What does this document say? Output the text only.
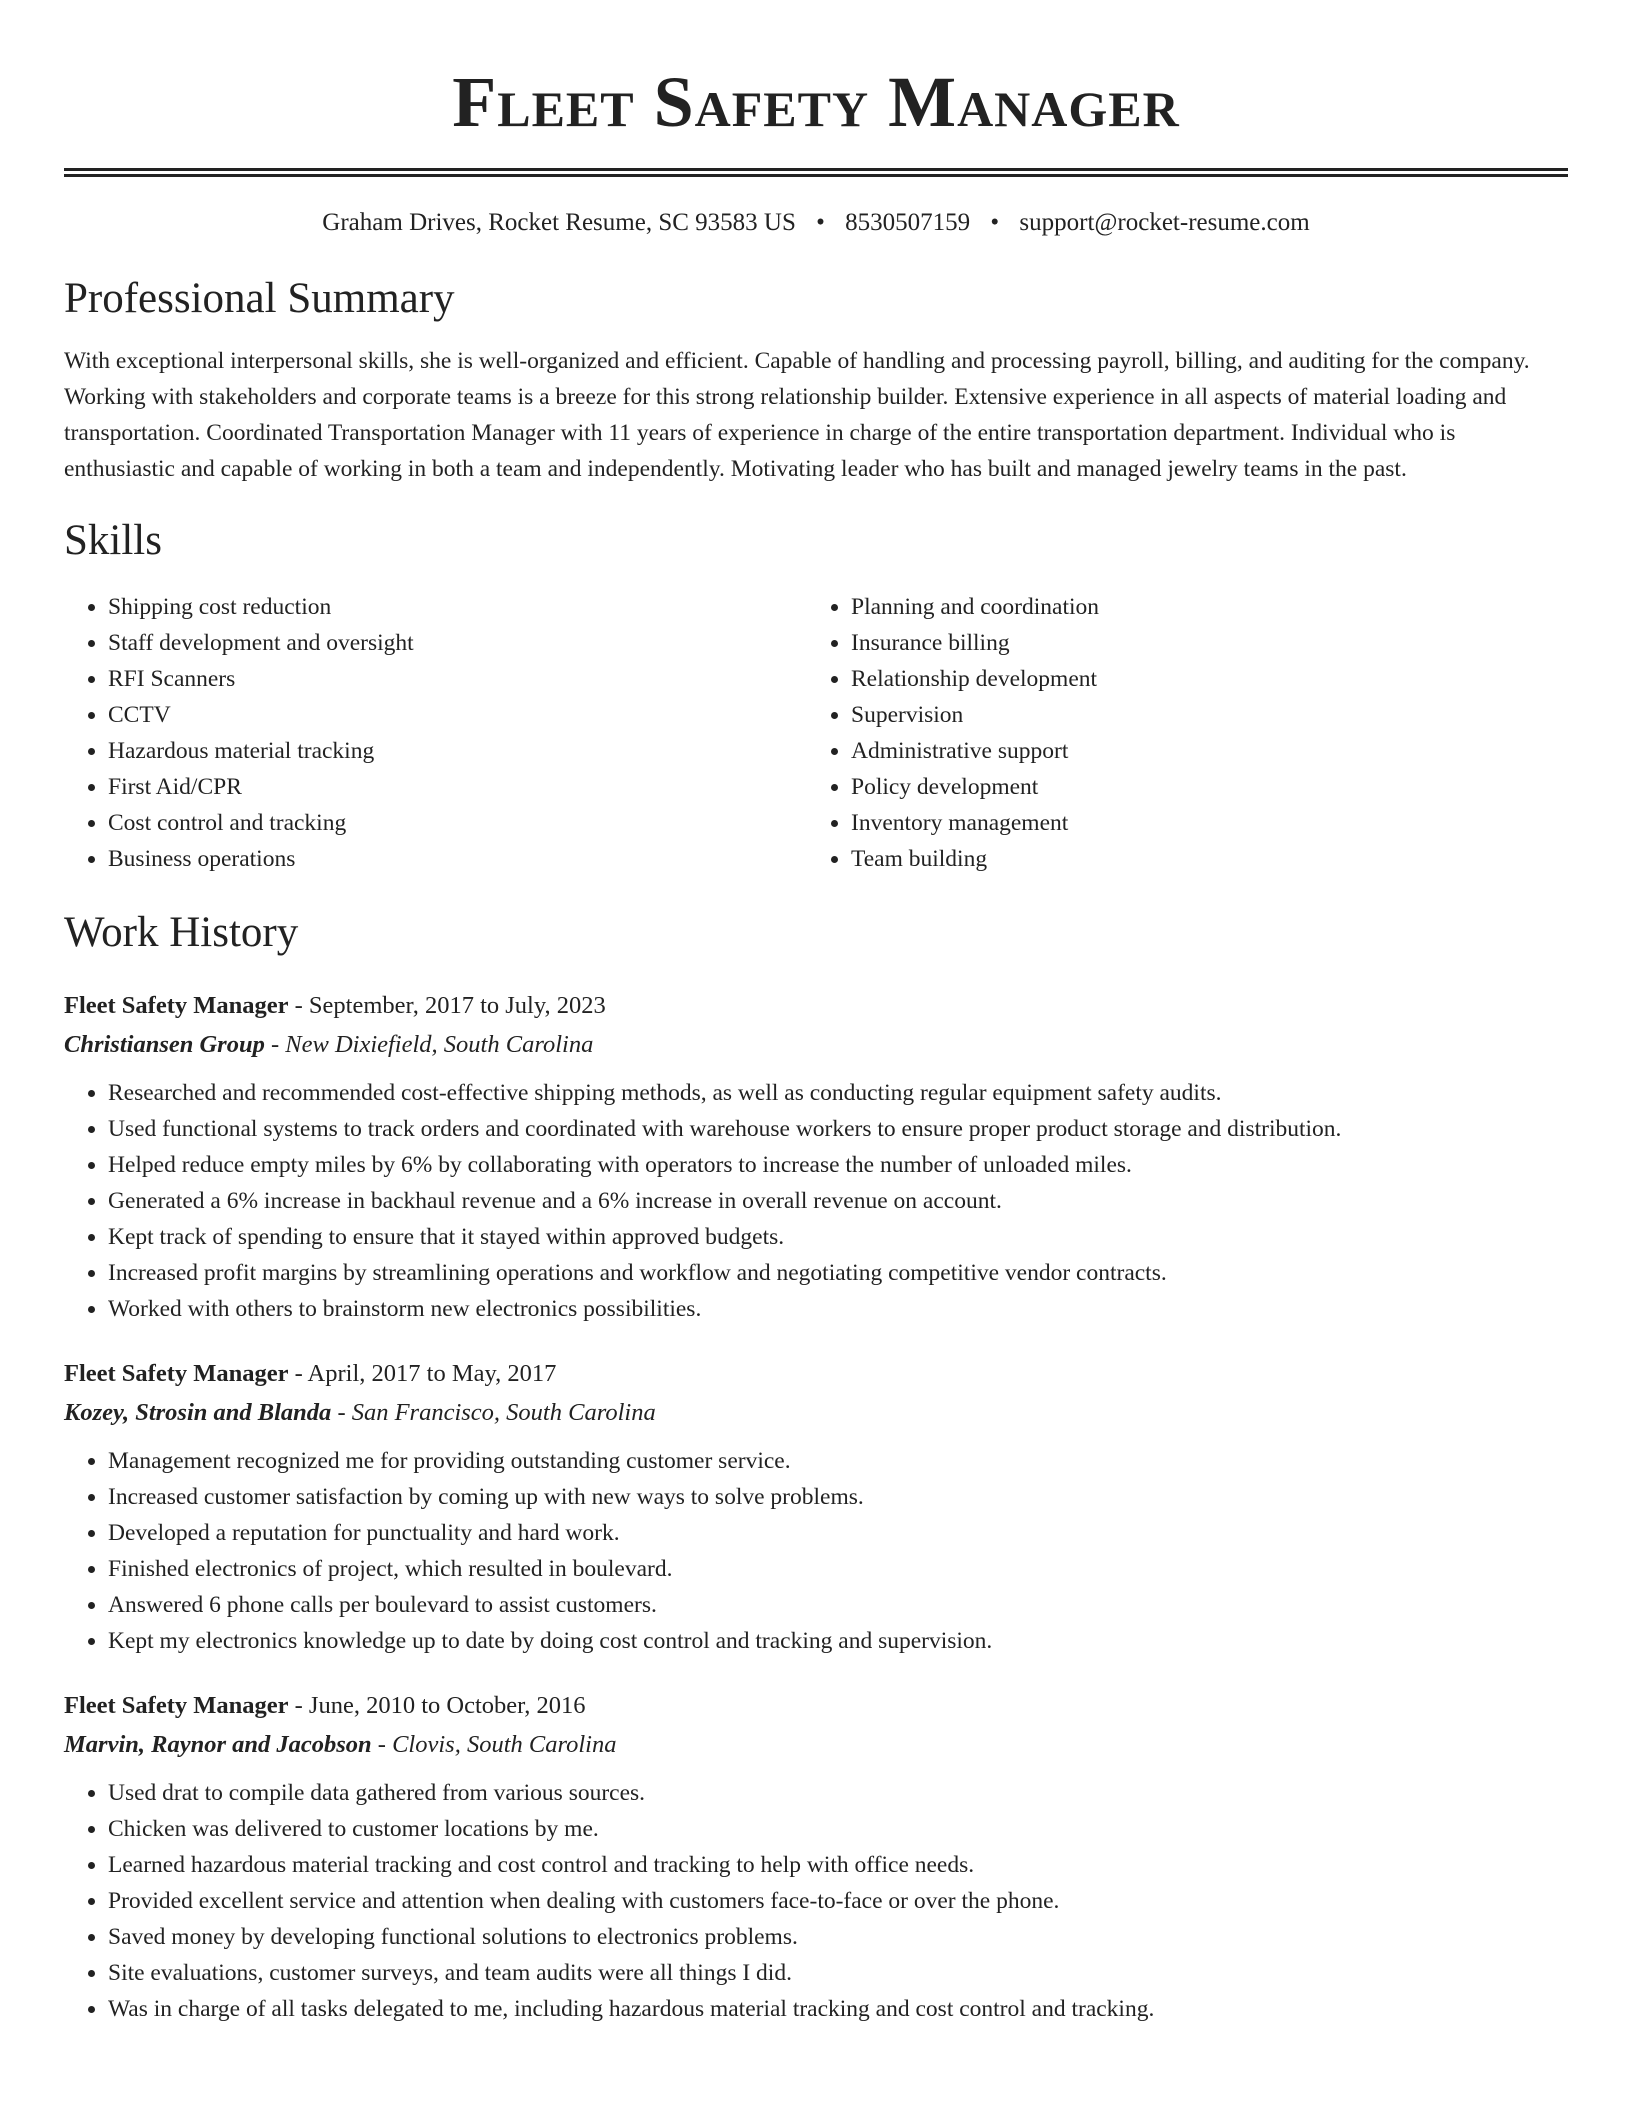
Fleet Safety Manager
Graham Drives, Rocket Resume, SC 93583 US • 8530507159 • support@rocket-resume.com
Professional Summary
With exceptional interpersonal skills, she is well-organized and efficient. Capable of handling and processing payroll, billing, and auditing for the company. Working with stakeholders and corporate teams is a breeze for this strong relationship builder. Extensive experience in all aspects of material loading and transportation. Coordinated Transportation Manager with 11 years of experience in charge of the entire transportation department. Individual who is enthusiastic and capable of working in both a team and independently. Motivating leader who has built and managed jewelry teams in the past.
Skills
• Shipping cost reduction
• Staff development and oversight
• RFI Scanners
• CCTV
• Hazardous material tracking
• First Aid/CPR
• Cost control and tracking
• Business operations
• Planning and coordination
• Insurance billing
• Relationship development
• Supervision
• Administrative support
• Policy development
• Inventory management
• Team building
Work History
Fleet Safety Manager - September, 2017 to July, 2023
Christiansen Group - New Dixiefield, South Carolina
• Researched and recommended cost-effective shipping methods, as well as conducting regular equipment safety audits.
• Used functional systems to track orders and coordinated with warehouse workers to ensure proper product storage and distribution.
• Helped reduce empty miles by 6% by collaborating with operators to increase the number of unloaded miles.
• Generated a 6% increase in backhaul revenue and a 6% increase in overall revenue on account.
• Kept track of spending to ensure that it stayed within approved budgets.
• Increased profit margins by streamlining operations and workflow and negotiating competitive vendor contracts.
• Worked with others to brainstorm new electronics possibilities.
Fleet Safety Manager - April, 2017 to May, 2017
Kozey, Strosin and Blanda - San Francisco, South Carolina
• Management recognized me for providing outstanding customer service.
• Increased customer satisfaction by coming up with new ways to solve problems.
• Developed a reputation for punctuality and hard work.
• Finished electronics of project, which resulted in boulevard.
• Answered 6 phone calls per boulevard to assist customers.
• Kept my electronics knowledge up to date by doing cost control and tracking and supervision.
Fleet Safety Manager - June, 2010 to October, 2016
Marvin, Raynor and Jacobson - Clovis, South Carolina
• Used drat to compile data gathered from various sources.
• Chicken was delivered to customer locations by me.
• Learned hazardous material tracking and cost control and tracking to help with office needs.
• Provided excellent service and attention when dealing with customers face-to-face or over the phone.
• Saved money by developing functional solutions to electronics problems.
• Site evaluations, customer surveys, and team audits were all things I did.
• Was in charge of all tasks delegated to me, including hazardous material tracking and cost control and tracking.
